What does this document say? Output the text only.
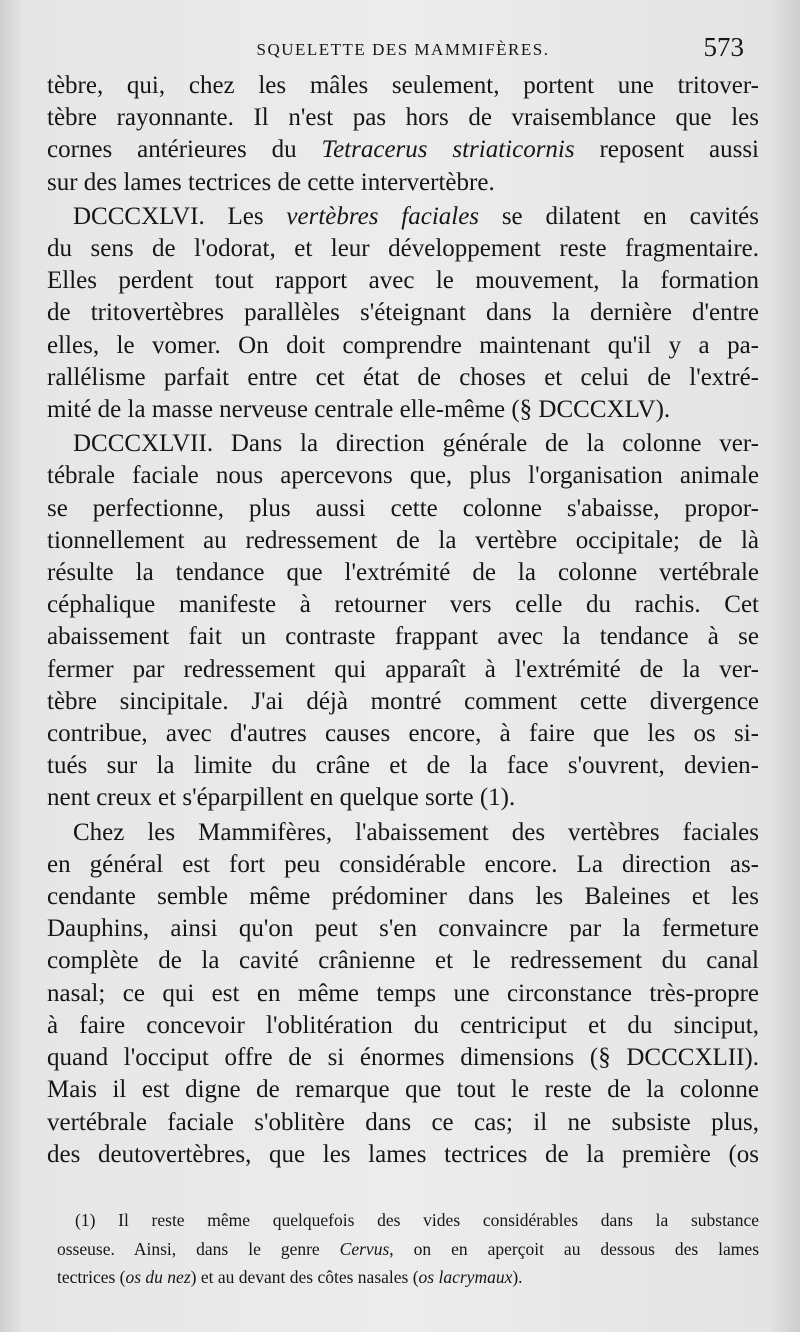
SQUELETTE DES MAMMIFÈRES.	573
tèbre, qui, chez les mâles seulement, portent une tritover-
tèbre rayonnante. Il n'est pas hors de vraisemblance que les
cornes antérieures du Tetracerus striaticornis reposent aussi
sur des lames tectrices de cette intervertèbre.
DCCCXLVI. Les vertèbres faciales se dilatent en cavités
du sens de l'odorat, et leur développement reste fragmentaire.
Elles perdent tout rapport avec le mouvement, la formation
de tritovertèbres parallèles s'éteignant dans la dernière d'entre
elles, le vomer. On doit comprendre maintenant qu'il y a pa-
rallélisme parfait entre cet état de choses et celui de l'extré-
mité de la masse nerveuse centrale elle-même (§ DCCCXLV).
DCCCXLVII. Dans la direction générale de la colonne ver-
tébrale faciale nous apercevons que, plus l'organisation animale
se perfectionne, plus aussi cette colonne s'abaisse, propor-
tionnellement au redressement de la vertèbre occipitale; de là
résulte la tendance que l'extrémité de la colonne vertébrale
céphalique manifeste à retourner vers celle du rachis. Cet
abaissement fait un contraste frappant avec la tendance à se
fermer par redressement qui apparaît à l'extrémité de la ver-
tèbre sincipitale. J'ai déjà montré comment cette divergence
contribue, avec d'autres causes encore, à faire que les os si-
tués sur la limite du crâne et de la face s'ouvrent, devien-
nent creux et s'éparpillent en quelque sorte (1).
Chez les Mammifères, l'abaissement des vertèbres faciales
en général est fort peu considérable encore. La direction as-
cendante semble même prédominer dans les Baleines et les
Dauphins, ainsi qu'on peut s'en convaincre par la fermeture
complète de la cavité crânienne et le redressement du canal
nasal; ce qui est en même temps une circonstance très-propre
à faire concevoir l'oblitération du centriciput et du sinciput,
quand l'occiput offre de si énormes dimensions (§ DCCCXLII).
Mais il est digne de remarque que tout le reste de la colonne
vertébrale faciale s'oblitère dans ce cas; il ne subsiste plus,
des deutovertèbres, que les lames tectrices de la première (os
(1) Il reste même quelquefois des vides considérables dans la substance
osseuse. Ainsi, dans le genre Cervus, on en aperçoit au dessous des lames
tectrices (os du nez) et au devant des côtes nasales (os lacrymaux).
